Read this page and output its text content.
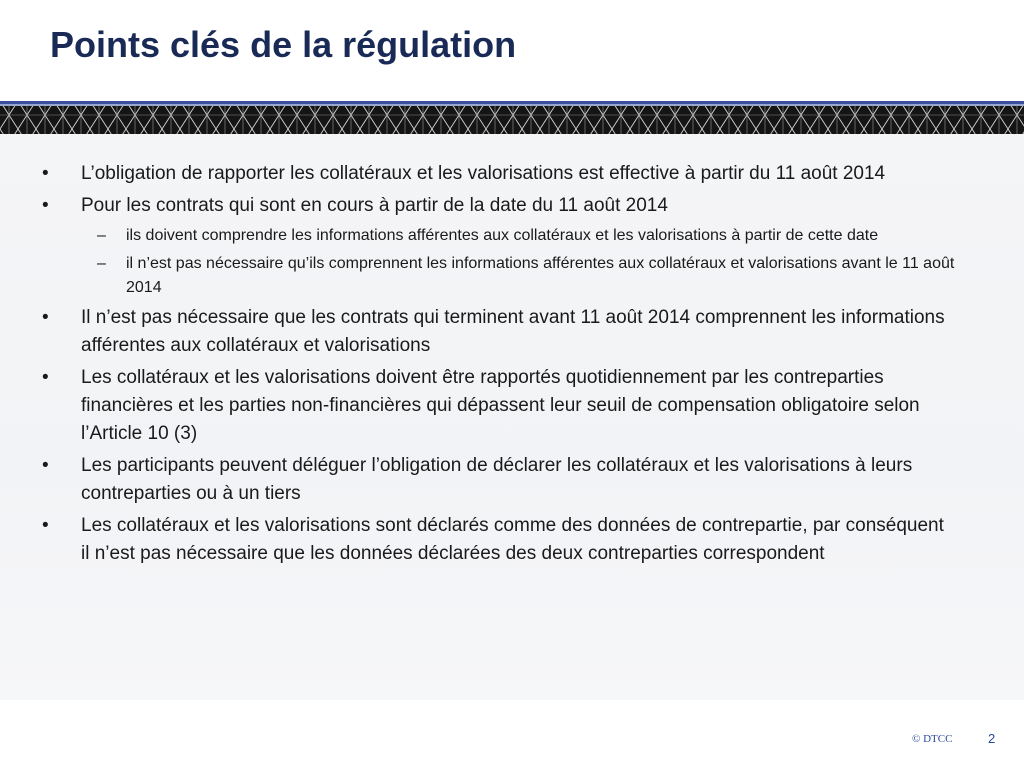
Points clés de la régulation
• L’obligation de rapporter les collatéraux et les valorisations est effective à partir du 11 août 2014
• Pour les contrats qui sont en cours à partir de la date du 11 août 2014
– ils doivent comprendre les informations afférentes aux collatéraux et les valorisations à partir de cette date
– il n’est pas nécessaire qu’ils comprennent les informations afférentes aux collatéraux et valorisations avant le 11 août 2014
• Il n’est pas nécessaire que les contrats qui terminent avant 11 août 2014 comprennent les informations afférentes aux collatéraux et valorisations
• Les collatéraux et les valorisations doivent être rapportés quotidiennement par les contreparties financières et les parties non-financières qui dépassent leur seuil de compensation obligatoire selon l’Article 10 (3)
• Les participants peuvent déléguer l’obligation de déclarer les collatéraux et les valorisations à leurs contreparties ou à un tiers
• Les collatéraux et les valorisations sont déclarés comme des données de contrepartie, par conséquent il n’est pas nécessaire que les données déclarées des deux contreparties correspondent
© DTCC	2
